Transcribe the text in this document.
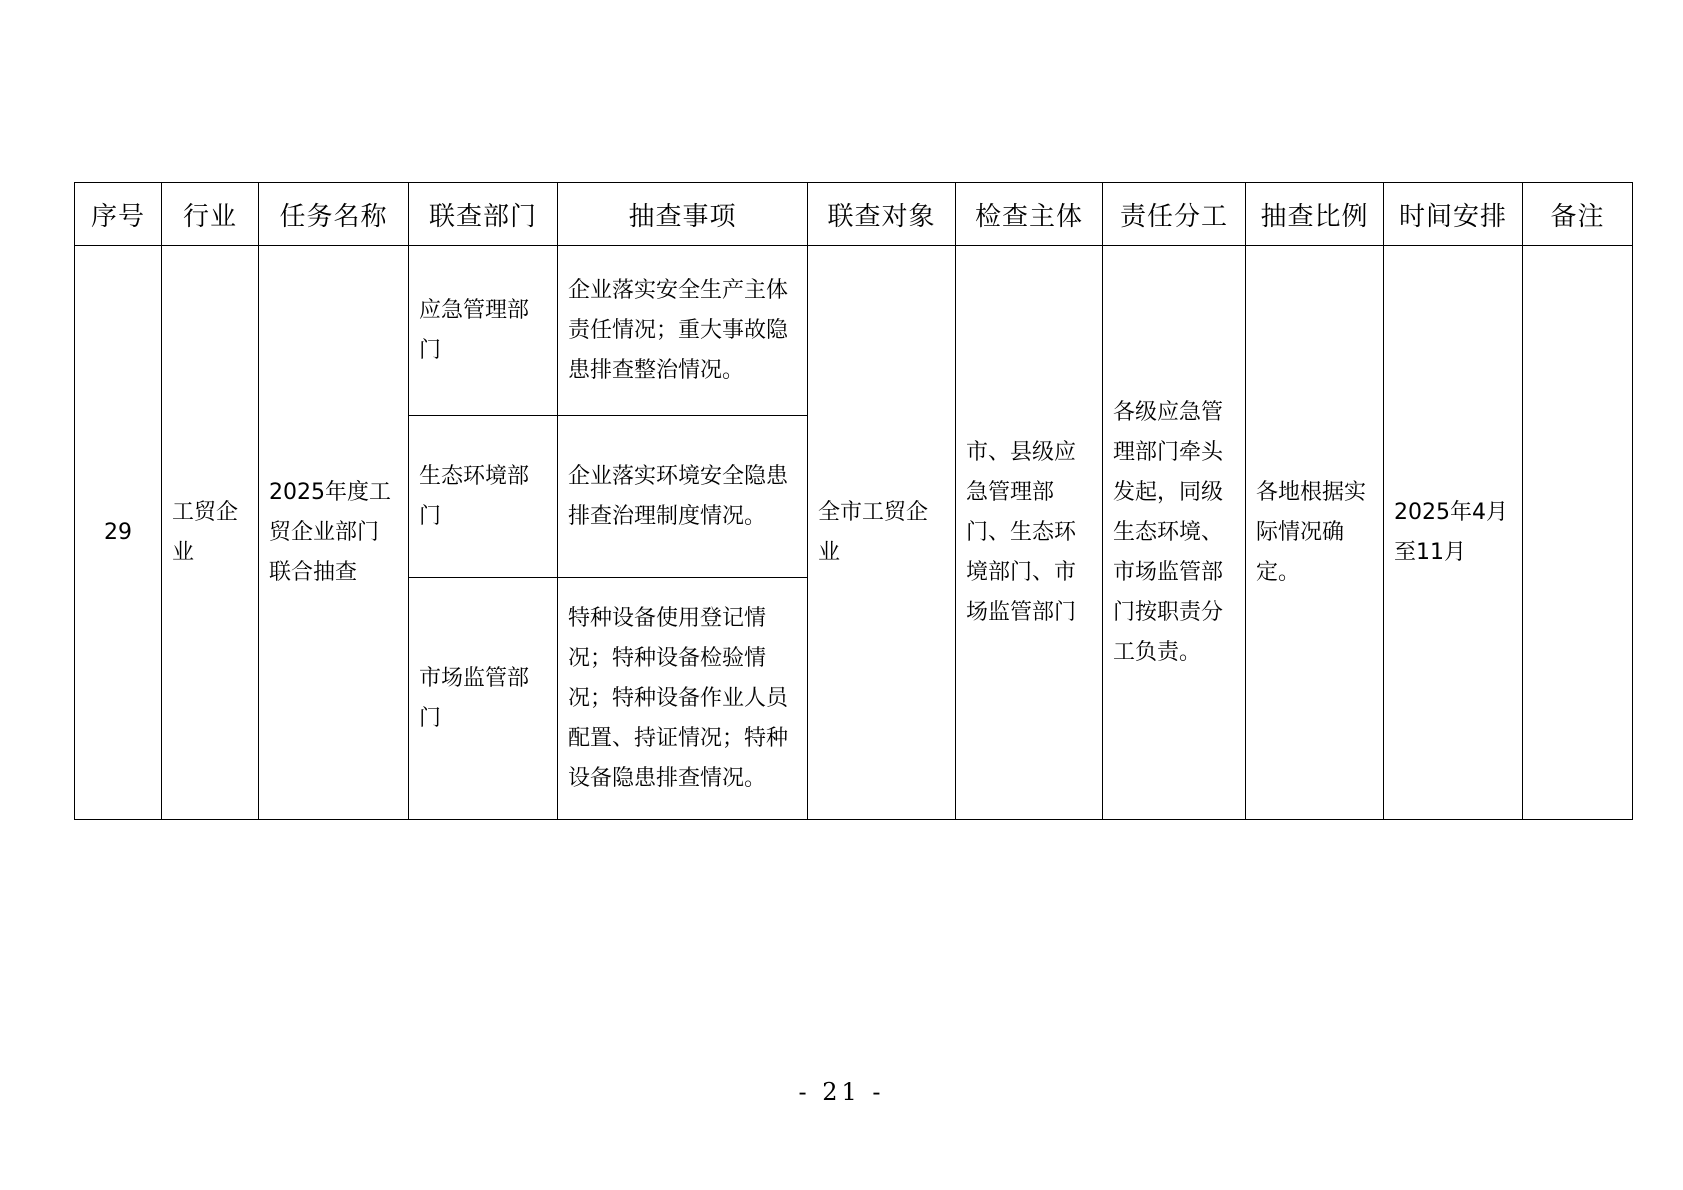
序号	行业	任务名称	联查部门	抽查事项	联查对象	检查主体	责任分工	抽查比例	时间安排	备注
29	工贸企业	2025年度工贸企业部门联合抽查	应急管理部门	企业落实安全生产主体责任情况；重大事故隐患排查整治情况。	全市工贸企业	市、县级应急管理部门、生态环境部门、市场监管部门	各级应急管理部门牵头发起，同级生态环境、市场监管部门按职责分工负责。	各地根据实际情况确定。	2025年4月至11月	
			生态环境部门	企业落实环境安全隐患排查治理制度情况。						
			市场监管部门	特种设备使用登记情况；特种设备检验情况；特种设备作业人员配置、持证情况；特种设备隐患排查情况。						
- 21 -
